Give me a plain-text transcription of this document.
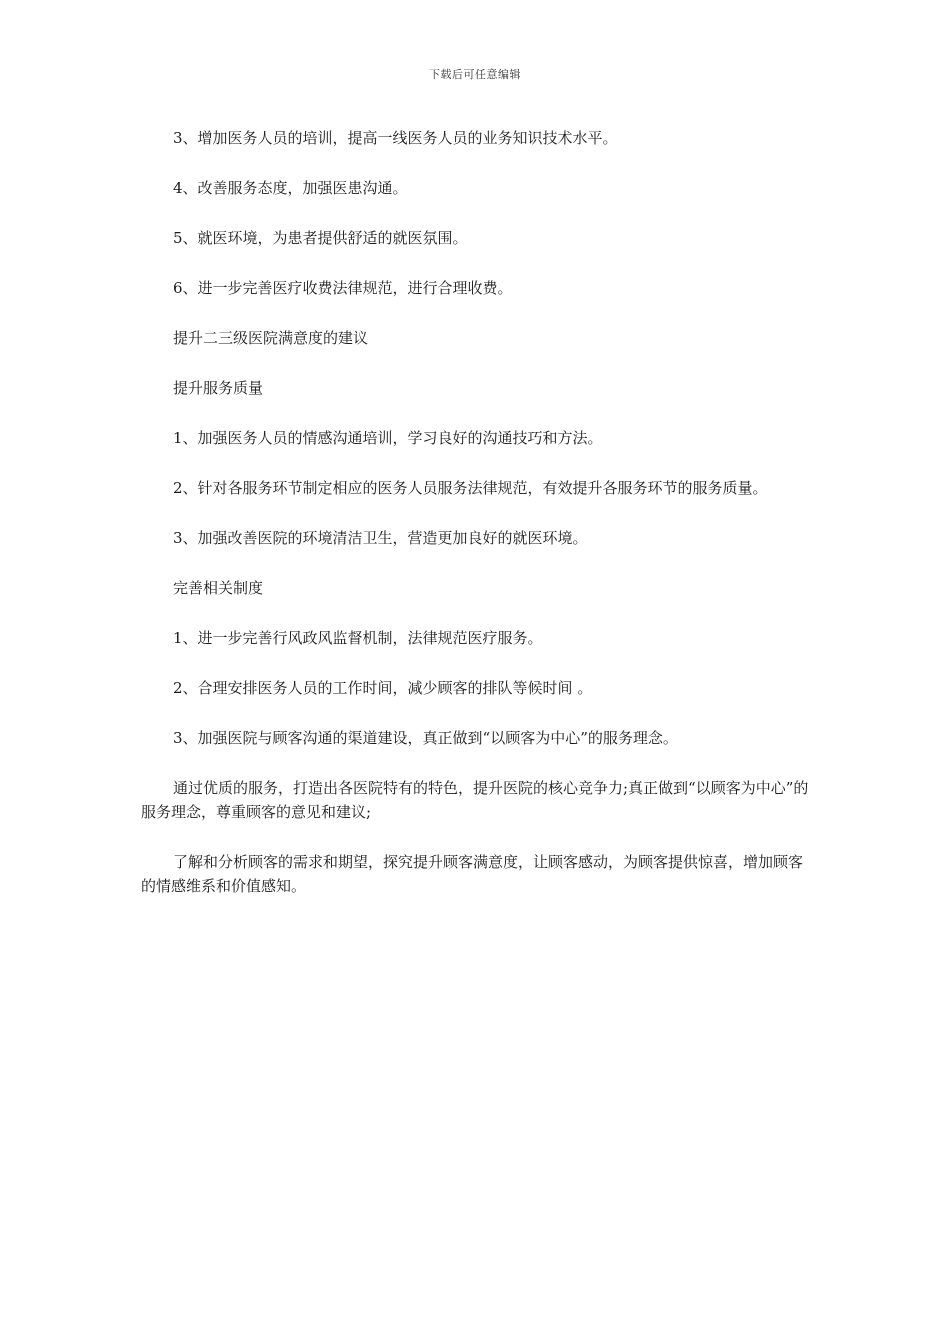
下载后可任意编辑

3、增加医务人员的培训，提高一线医务人员的业务知识技术水平。

4、改善服务态度，加强医患沟通。

5、就医环境，为患者提供舒适的就医氛围。

6、进一步完善医疗收费法律规范，进行合理收费。

提升二三级医院满意度的建议

提升服务质量

1、加强医务人员的情感沟通培训，学习良好的沟通技巧和方法。

2、针对各服务环节制定相应的医务人员服务法律规范，有效提升各服务环节的服务质量。

3、加强改善医院的环境清洁卫生，营造更加良好的就医环境。

完善相关制度

1、进一步完善行风政风监督机制，法律规范医疗服务。

2、合理安排医务人员的工作时间，减少顾客的排队等候时间 。

3、加强医院与顾客沟通的渠道建设，真正做到“以顾客为中心”的服务理念。

通过优质的服务，打造出各医院特有的特色，提升医院的核心竞争力;真正做到“以顾客为中心”的服务理念，尊重顾客的意见和建议;

了解和分析顾客的需求和期望，探究提升顾客满意度，让顾客感动，为顾客提供惊喜，增加顾客的情感维系和价值感知。
